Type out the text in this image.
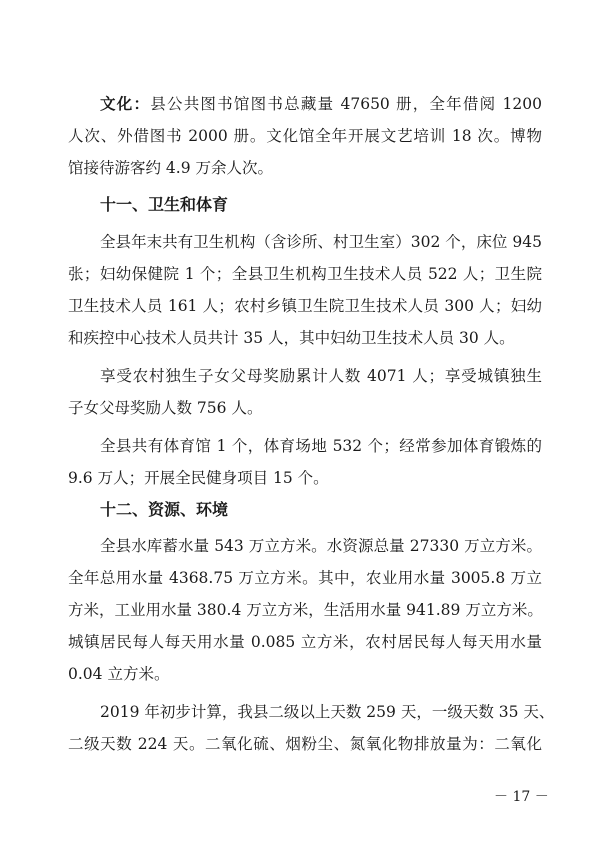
文化：县公共图书馆图书总藏量 47650 册，全年借阅 1200
人次、外借图书 2000 册。文化馆全年开展文艺培训 18 次。博物
馆接待游客约 4.9 万余人次。
十一、卫生和体育
全县年末共有卫生机构（含诊所、村卫生室）302 个，床位 945
张；妇幼保健院 1 个；全县卫生机构卫生技术人员 522 人；卫生院
卫生技术人员 161 人；农村乡镇卫生院卫生技术人员 300 人；妇幼
和疾控中心技术人员共计 35 人，其中妇幼卫生技术人员 30 人。
享受农村独生子女父母奖励累计人数 4071 人；享受城镇独生
子女父母奖励人数 756 人。
全县共有体育馆 1 个，体育场地 532 个；经常参加体育锻炼的
9.6 万人；开展全民健身项目 15 个。
十二、资源、环境
全县水库蓄水量 543 万立方米。水资源总量 27330 万立方米。
全年总用水量 4368.75 万立方米。其中，农业用水量 3005.8 万立
方米，工业用水量 380.4 万立方米，生活用水量 941.89 万立方米。
城镇居民每人每天用水量 0.085 立方米，农村居民每人每天用水量
0.04 立方米。
2019 年初步计算，我县二级以上天数 259 天，一级天数 35 天、
二级天数 224 天。二氧化硫、烟粉尘、氮氧化物排放量为：二氧化
－ 17 －
